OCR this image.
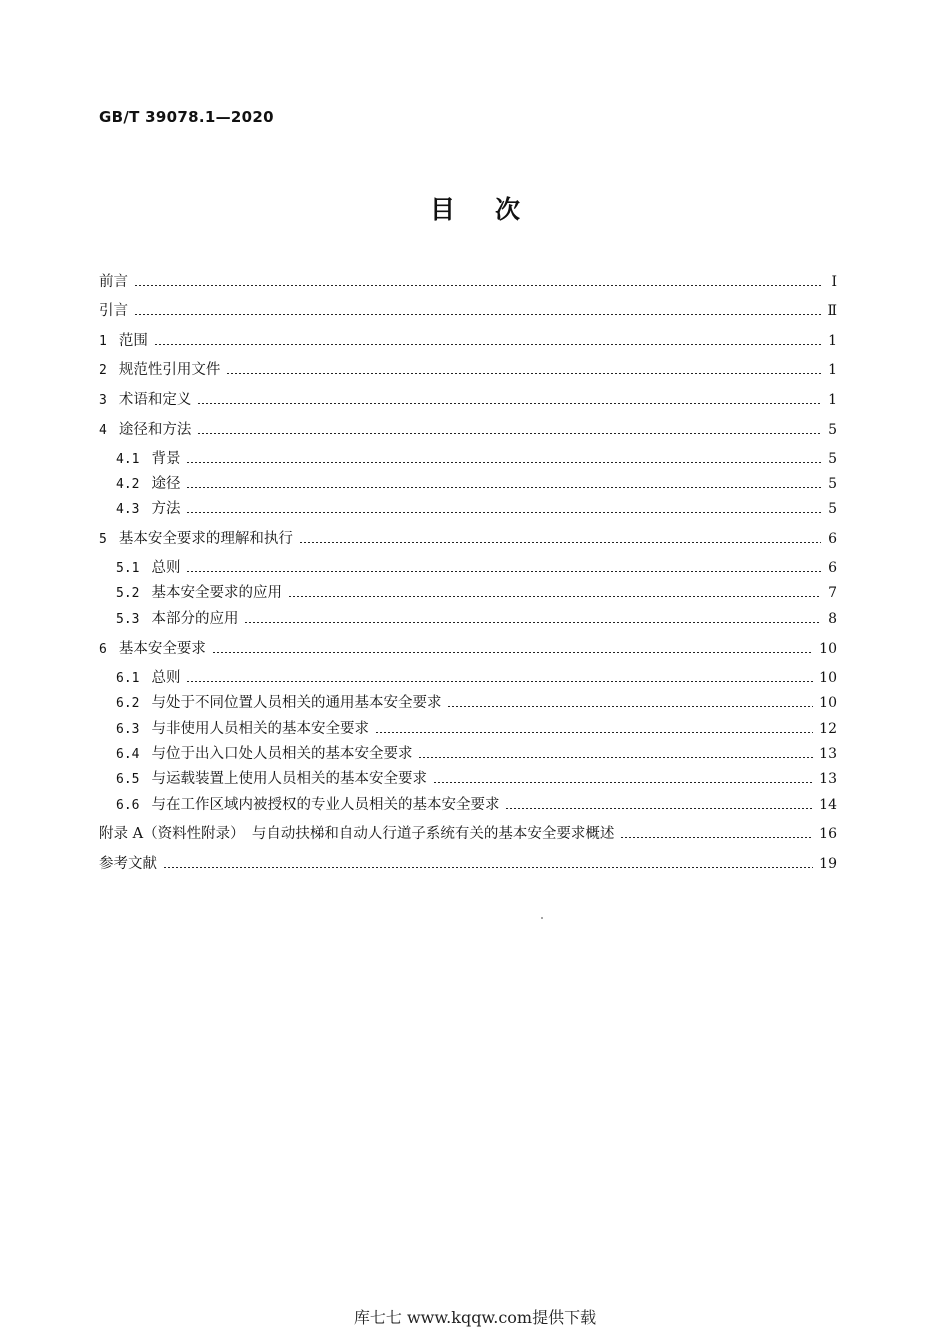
GB/T 39078.1—2020
目次
前言	Ⅰ
引言	Ⅱ
1 范围	1
2 规范性引用文件	1
3 术语和定义	1
4 途径和方法	5
4.1 背景	5
4.2 途径	5
4.3 方法	5
5 基本安全要求的理解和执行	6
5.1 总则	6
5.2 基本安全要求的应用	7
5.3 本部分的应用	8
6 基本安全要求	10
6.1 总则	10
6.2 与处于不同位置人员相关的通用基本安全要求	10
6.3 与非使用人员相关的基本安全要求	12
6.4 与位于出入口处人员相关的基本安全要求	13
6.5 与运载装置上使用人员相关的基本安全要求	13
6.6 与在工作区域内被授权的专业人员相关的基本安全要求	14
附录 A（资料性附录）　与自动扶梯和自动人行道子系统有关的基本安全要求概述	16
参考文献	19
库七七 www.kqqw.com提供下载
